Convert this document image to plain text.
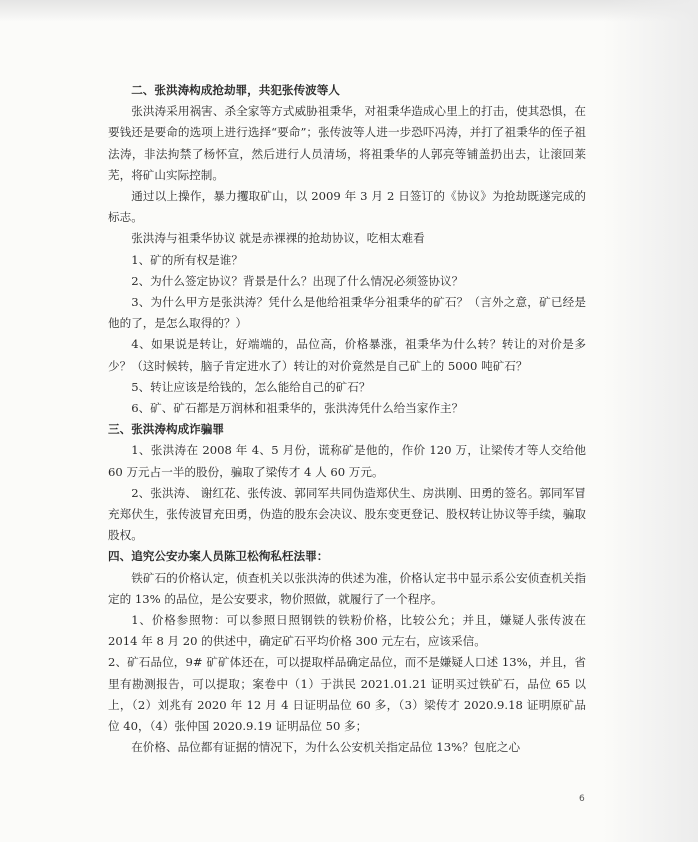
二、张洪涛构成抢劫罪，共犯张传波等人

张洪涛采用祸害、杀全家等方式威胁祖秉华，对祖秉华造成心里上的打击，使其恐惧，在要钱还是要命的选项上进行选择“要命”；张传波等人进一步恐吓冯涛，并打了祖秉华的侄子祖法涛，非法拘禁了杨怀宣，然后进行人员清场，将祖秉华的人郭亮等铺盖扔出去，让滚回莱芜，将矿山实际控制。

通过以上操作，暴力攫取矿山，以 2009 年 3 月 2 日签订的《协议》为抢劫既遂完成的标志。

张洪涛与祖秉华协议 就是赤裸裸的抢劫协议，吃相太难看

1、矿的所有权是谁？

2、为什么签定协议？背景是什么？出现了什么情况必须签协议？

3、为什么甲方是张洪涛？凭什么是他给祖秉华分祖秉华的矿石？（言外之意，矿已经是他的了，是怎么取得的？）

4、如果说是转让，好端端的，品位高，价格暴涨，祖秉华为什么转？转让的对价是多少？（这时候转，脑子肯定进水了）转让的对价竟然是自己矿上的 5000 吨矿石？

5、转让应该是给钱的，怎么能给自己的矿石？

6、矿、矿石都是万润林和祖秉华的，张洪涛凭什么给当家作主？

三、张洪涛构成诈骗罪

1、张洪涛在 2008 年 4、5 月份，谎称矿是他的，作价 120 万，让梁传才等人交给他 60 万元占一半的股份，骗取了梁传才 4 人 60 万元。

2、张洪涛、 谢红花、张传波、郭同军共同伪造郑伏生、房洪刚、田勇的签名。郭同军冒充郑伏生，张传波冒充田勇，伪造的股东会决议、股东变更登记、股权转让协议等手续，骗取股权。

四、追究公安办案人员陈卫松徇私枉法罪：

铁矿石的价格认定，侦查机关以张洪涛的供述为准，价格认定书中显示系公安侦查机关指定的 13% 的品位，是公安要求，物价照做，就履行了一个程序。

1、价格参照物：可以参照日照钢铁的铁粉价格，比较公允；并且，嫌疑人张传波在 2014 年 8 月 20 的供述中，确定矿石平均价格 300 元左右，应该采信。

2、矿石品位，9# 矿矿体还在，可以提取样品确定品位，而不是嫌疑人口述 13%，并且，省里有勘测报告，可以提取；案卷中（1）于洪民 2021.01.21 证明买过铁矿石，品位 65 以上，（2）刘兆有 2020 年 12 月 4 日证明品位 60 多，（3）梁传才 2020.9.18 证明原矿品位 40，（4）张仲国 2020.9.19 证明品位 50 多；

在价格、品位都有证据的情况下，为什么公安机关指定品位 13%？包庇之心

6
